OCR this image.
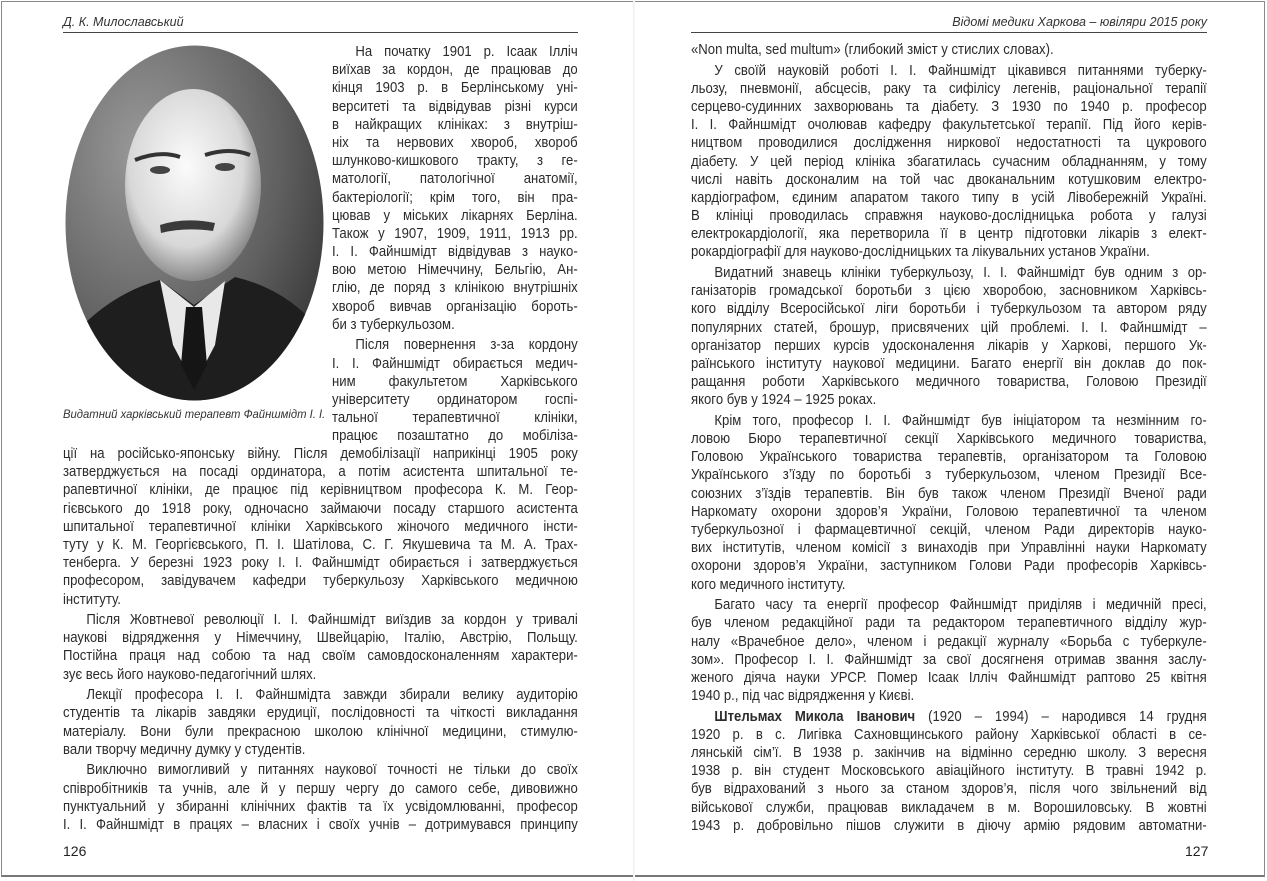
Д. К. Милославський
Видатний харківський терапевт Файншмідт І. І.
На початку 1901 р. Ісаак Ілліч
виїхав за кордон, де працював до
кінця 1903 р. в Берлінському уні-
верситеті та відвідував різні курси
в найкращих клініках: з внутріш-
ніх та нервових хвороб, хвороб
шлунково-кишкового тракту, з ге-
матології, патологічної анатомії,
бактеріології; крім того, він пра-
цював у міських лікарнях Берліна.
Також у 1907, 1909, 1911, 1913 рр.
І. І. Файншмідт відвідував з науко-
вою метою Німеччину, Бельгію, Ан-
глію, де поряд з клінікою внутрішніх
хвороб вивчав організацію бороть-
би з туберкульозом.
Після повернення з-за кордону
І. І. Файншмідт обирається медич-
ним факультетом Харківського
університету ординатором госпі-
тальної терапевтичної клініки,
працює позаштатно до мобіліза-
ції на російсько-японську війну. Після демобілізації наприкінці 1905 року
затверджується на посаді ординатора, а потім асистента шпитальної те-
рапевтичної клініки, де працює під керівництвом професора К. М. Геор-
гієвського до 1918 року, одночасно займаючи посаду старшого асистента
шпитальної терапевтичної клініки Харківського жіночого медичного інсти-
туту у К. М. Георгієвського, П. І. Шатілова, С. Г. Якушевича та М. А. Трах-
тенберга. У березні 1923 року І. І. Файншмідт обирається і затверджується
професором, завідувачем кафедри туберкульозу Харківського медичною
інституту.
Після Жовтневої революції І. І. Файншмідт виїздив за кордон у тривалі
наукові відрядження у Німеччину, Швейцарію, Італію, Австрію, Польщу.
Постійна праця над собою та над своїм самовдосконаленням характери-
зує весь його науково-педагогічний шлях.
Лекції професора І. І. Файншмідта завжди збирали велику аудиторію
студентів та лікарів завдяки ерудиції, послідовності та чіткості викладання
матеріалу. Вони були прекрасною школою клінічної медицини, стимулю-
вали творчу медичну думку у студентів.
Виключно вимогливий у питаннях наукової точності не тільки до своїх
співробітників та учнів, але й у першу чергу до самого себе, дивовижно
пунктуальний у збиранні клінічних фактів та їх усвідомлюванні, професор
І. І. Файншмідт в працях – власних і своїх учнів – дотримувався принципу
126
Відомі медики Харкова – ювіляри 2015 року
«Non multa, sed multum» (глибокий зміст у стислих словах).
У своїй науковій роботі І. І. Файншмідт цікавився питаннями туберку-
льозу, пневмонії, абсцесів, раку та сифілісу легенів, раціональної терапії
серцево-судинних захворювань та діабету. З 1930 по 1940 р. професор
І. І. Файншмідт очолював кафедру факультетської терапії. Під його керів-
ництвом проводилися дослідження ниркової недостатності та цукрового
діабету. У цей період клініка збагатилась сучасним обладнанням, у тому
числі навіть досконалим на той час двоканальним котушковим електро-
кардіографом, єдиним апаратом такого типу в усій Лівобережній Україні.
В клініці проводилась справжня науково-дослідницька робота у галузі
електрокардіології, яка перетворила її в центр підготовки лікарів з елект-
рокардіографії для науково-дослідницьких та лікувальних установ України.
Видатний знавець клініки туберкульозу, І. І. Файншмідт був одним з ор-
ганізаторів громадської боротьби з цією хворобою, засновником Харківсь-
кого відділу Всеросійської ліги боротьби і туберкульозом та автором ряду
популярних статей, брошур, присвячених цій проблемі. І. І. Файншмідт –
організатор перших курсів удосконалення лікарів у Харкові, першого Ук-
раїнського інституту наукової медицини. Багато енергії він доклав до пок-
ращання роботи Харківського медичного товариства, Головою Президії
якого був у 1924 – 1925 роках.
Крім того, професор І. І. Файншмідт був ініціатором та незмінним го-
ловою Бюро терапевтичної секції Харківського медичного товариства,
Головою Українського товариства терапевтів, організатором та Головою
Українського з’їзду по боротьбі з туберкульозом, членом Президії Все-
союзних з’їздів терапевтів. Він був також членом Президії Вченої ради
Наркомату охорони здоров’я України, Головою терапевтичної та членом
туберкульозної і фармацевтичної секцій, членом Ради директорів науко-
вих інститутів, членом комісії з винаходів при Управлінні науки Наркомату
охорони здоров’я України, заступником Голови Ради професорів Харківсь-
кого медичного інституту.
Багато часу та енергії професор Файншмідт приділяв і медичній пресі,
був членом редакційної ради та редактором терапевтичного відділу жур-
налу «Врачебное дело», членом і редакції журналу «Борьба с туберкуле-
зом». Професор І. І. Файншмідт за свої досягненя отримав звання заслу-
женого діяча науки УРСР. Помер Ісаак Ілліч Файншмідт раптово 25 квітня
1940 р., під час відрядження у Києві.
Штельмах Микола Іванович (1920 – 1994) – народився 14 грудня
1920 р. в с. Лигівка Сахновщинського району Харківської області в се-
лянській сім’ї. В 1938 р. закінчив на відмінно середню школу. З вересня
1938 р. він студент Московського авіаційного інституту. В травні 1942 р.
був відрахований з нього за станом здоров’я, після чого звільнений від
військової служби, працював викладачем в м. Ворошиловську. В жовтні
1943 р. добровільно пішов служити в діючу армію рядовим автоматни-
127
